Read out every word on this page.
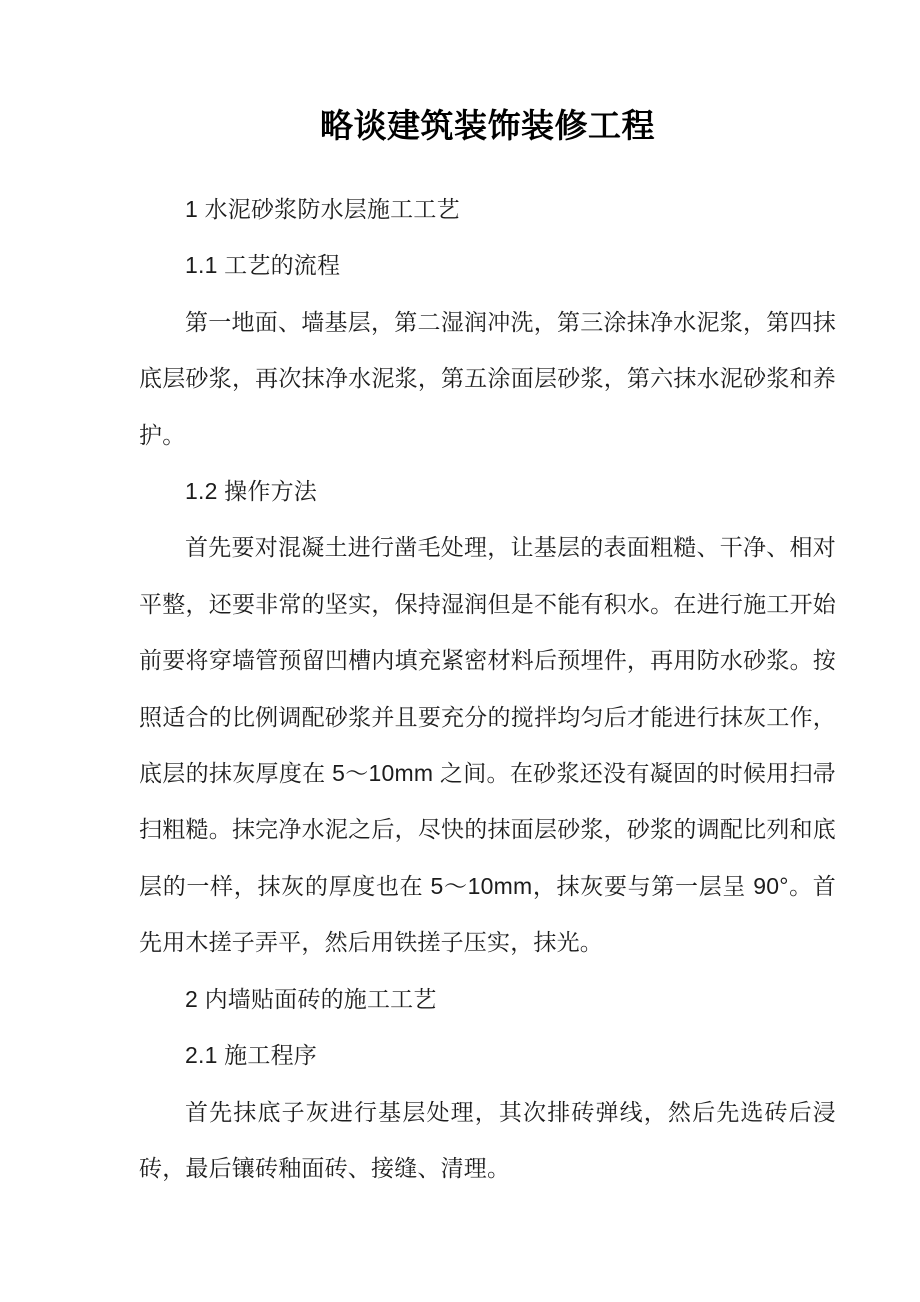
略谈建筑装饰装修工程

1 水泥砂浆防水层施工工艺

1.1 工艺的流程

第一地面、墙基层，第二湿润冲洗，第三涂抹净水泥浆，第四抹底层砂浆，再次抹净水泥浆，第五涂面层砂浆，第六抹水泥砂浆和养护。

1.2 操作方法

首先要对混凝土进行凿毛处理，让基层的表面粗糙、干净、相对平整，还要非常的坚实，保持湿润但是不能有积水。在进行施工开始前要将穿墙管预留凹槽内填充紧密材料后预埋件，再用防水砂浆。按照适合的比例调配砂浆并且要充分的搅拌均匀后才能进行抹灰工作，底层的抹灰厚度在 5～10mm 之间。在砂浆还没有凝固的时候用扫帚扫粗糙。抹完净水泥之后，尽快的抹面层砂浆，砂浆的调配比列和底层的一样，抹灰的厚度也在 5～10mm，抹灰要与第一层呈 90°。首先用木搓子弄平，然后用铁搓子压实，抹光。

2 内墙贴面砖的施工工艺

2.1 施工程序

首先抹底子灰进行基层处理，其次排砖弹线，然后先选砖后浸砖，最后镶砖釉面砖、接缝、清理。
